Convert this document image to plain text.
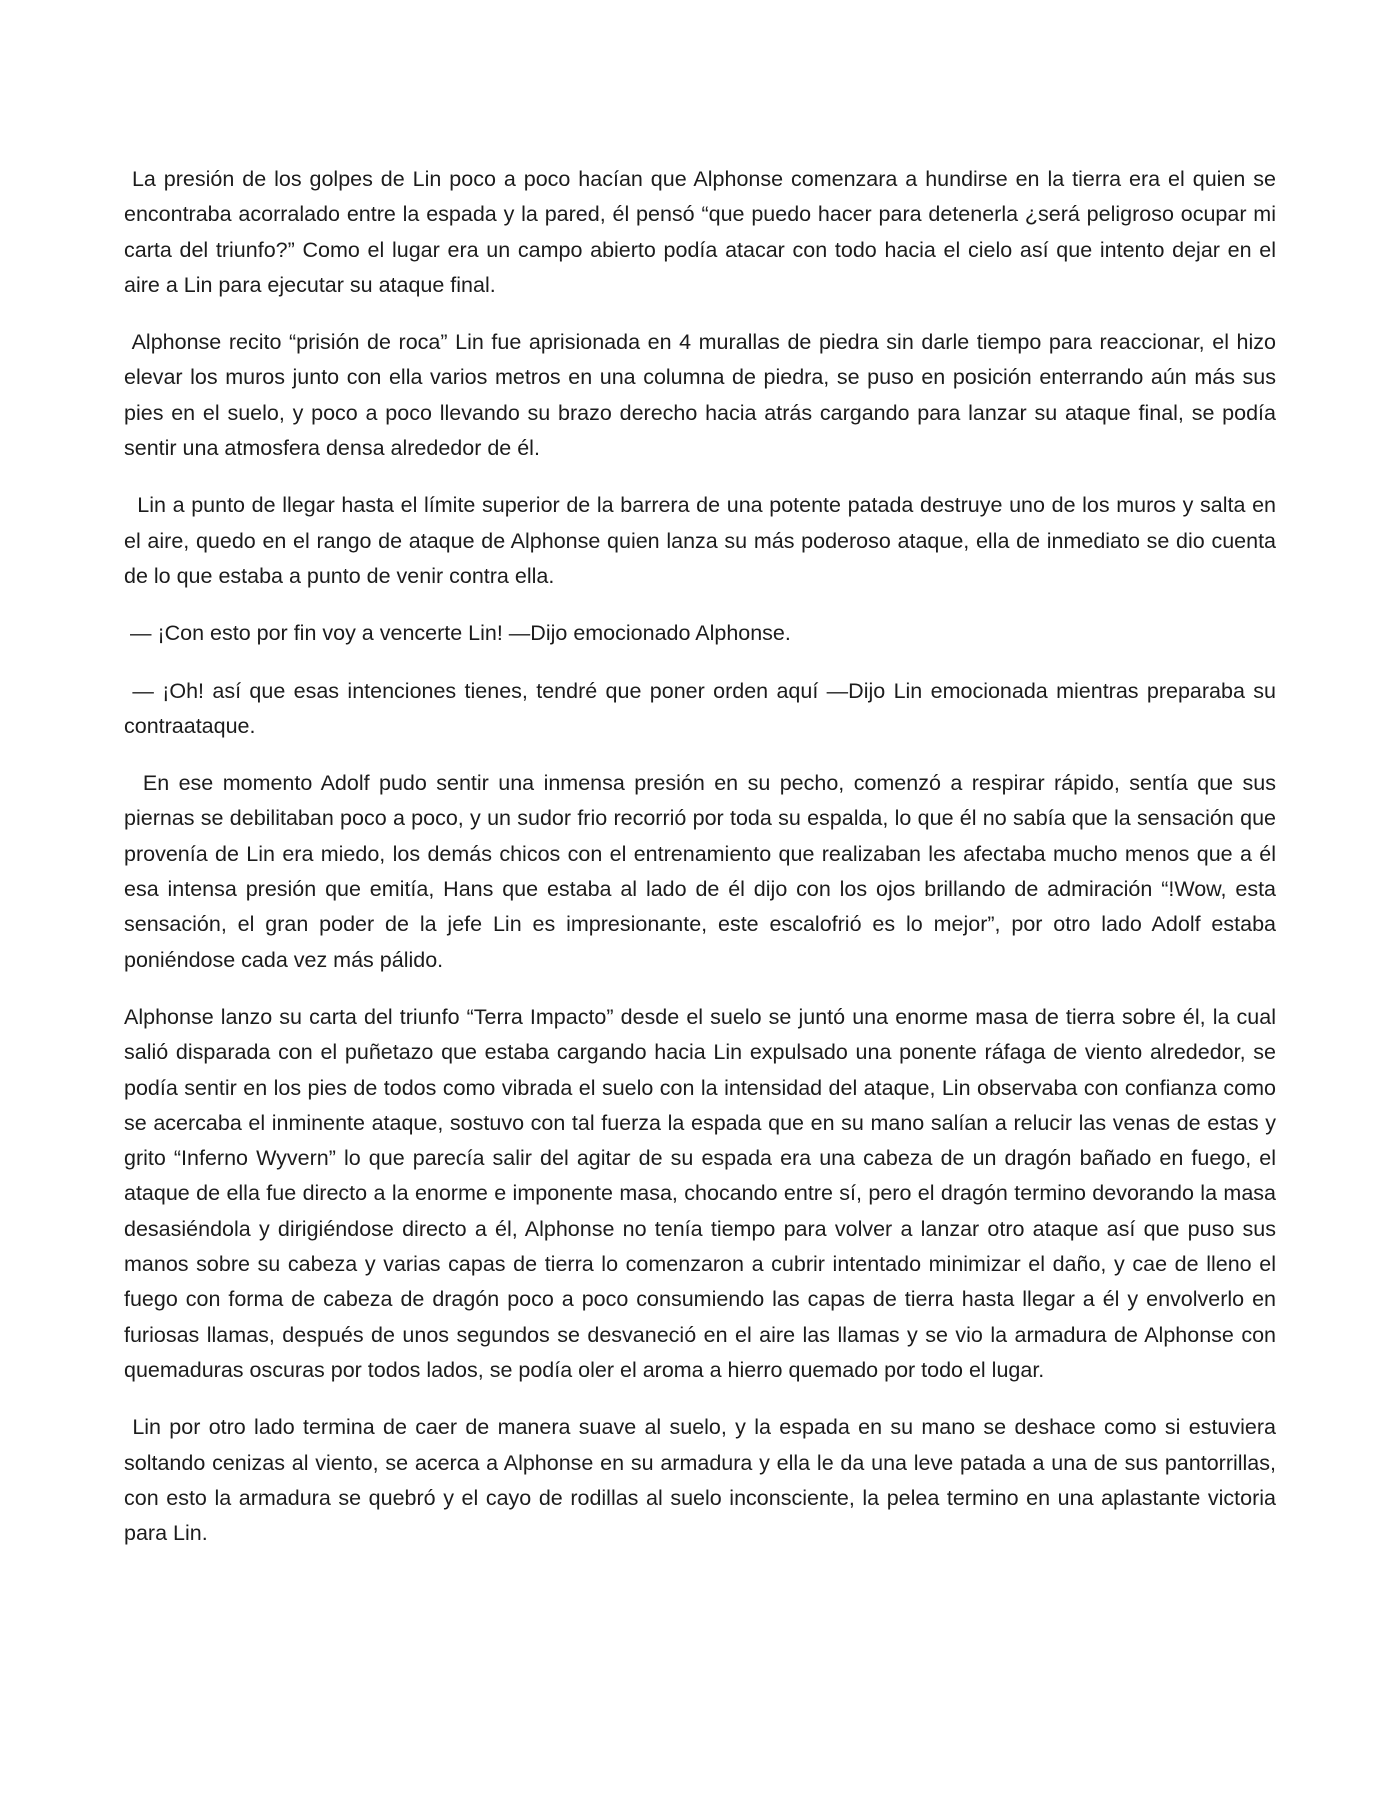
La presión de los golpes de Lin poco a poco hacían que Alphonse comenzara a hundirse en la tierra era el quien se encontraba acorralado entre la espada y la pared, él pensó “que puedo hacer para detenerla ¿será peligroso ocupar mi carta del triunfo?” Como el lugar era un campo abierto podía atacar con todo hacia el cielo así que intento dejar en el aire a Lin para ejecutar su ataque final.

Alphonse recito “prisión de roca” Lin fue aprisionada en 4 murallas de piedra sin darle tiempo para reaccionar, el hizo elevar los muros junto con ella varios metros en una columna de piedra, se puso en posición enterrando aún más sus pies en el suelo, y poco a poco llevando su brazo derecho hacia atrás cargando para lanzar su ataque final, se podía sentir una atmosfera densa alrededor de él.

Lin a punto de llegar hasta el límite superior de la barrera de una potente patada destruye uno de los muros y salta en el aire, quedo en el rango de ataque de Alphonse quien lanza su más poderoso ataque, ella de inmediato se dio cuenta de lo que estaba a punto de venir contra ella.

— ¡Con esto por fin voy a vencerte Lin! —Dijo emocionado Alphonse.

— ¡Oh! así que esas intenciones tienes, tendré que poner orden aquí —Dijo Lin emocionada mientras preparaba su contraataque.

En ese momento Adolf pudo sentir una inmensa presión en su pecho, comenzó a respirar rápido, sentía que sus piernas se debilitaban poco a poco, y un sudor frio recorrió por toda su espalda, lo que él no sabía que la sensación que provenía de Lin era miedo, los demás chicos con el entrenamiento que realizaban les afectaba mucho menos que a él esa intensa presión que emitía, Hans que estaba al lado de él dijo con los ojos brillando de admiración “!Wow, esta sensación, el gran poder de la jefe Lin es impresionante, este escalofrió es lo mejor”, por otro lado Adolf estaba poniéndose cada vez más pálido.

Alphonse lanzo su carta del triunfo “Terra Impacto” desde el suelo se juntó una enorme masa de tierra sobre él, la cual salió disparada con el puñetazo que estaba cargando hacia Lin expulsado una ponente ráfaga de viento alrededor, se podía sentir en los pies de todos como vibrada el suelo con la intensidad del ataque, Lin observaba con confianza como se acercaba el inminente ataque, sostuvo con tal fuerza la espada que en su mano salían a relucir las venas de estas y  grito “Inferno Wyvern” lo que parecía salir del agitar de su espada era una cabeza de un dragón bañado en fuego, el ataque de ella fue directo a la enorme e imponente masa, chocando entre sí, pero el dragón termino devorando la masa desasiéndola y dirigiéndose directo a él, Alphonse no tenía tiempo para volver a lanzar otro ataque así que puso sus manos sobre su cabeza y varias capas de tierra lo comenzaron a cubrir intentado minimizar el daño, y cae de lleno el fuego con forma de cabeza de dragón poco a poco consumiendo las capas de tierra hasta llegar a él y envolverlo en furiosas llamas, después de unos segundos se desvaneció en el aire las llamas y se vio la armadura de Alphonse con quemaduras oscuras por todos lados, se podía oler el aroma a hierro quemado por todo el lugar.

Lin por otro lado termina de caer de manera suave al suelo, y la espada en su mano se deshace como si estuviera soltando cenizas al viento, se acerca a Alphonse en su armadura y ella le da una leve patada a una de sus pantorrillas, con esto la armadura se quebró y el cayo de rodillas al suelo inconsciente, la pelea termino en una aplastante victoria para Lin.
